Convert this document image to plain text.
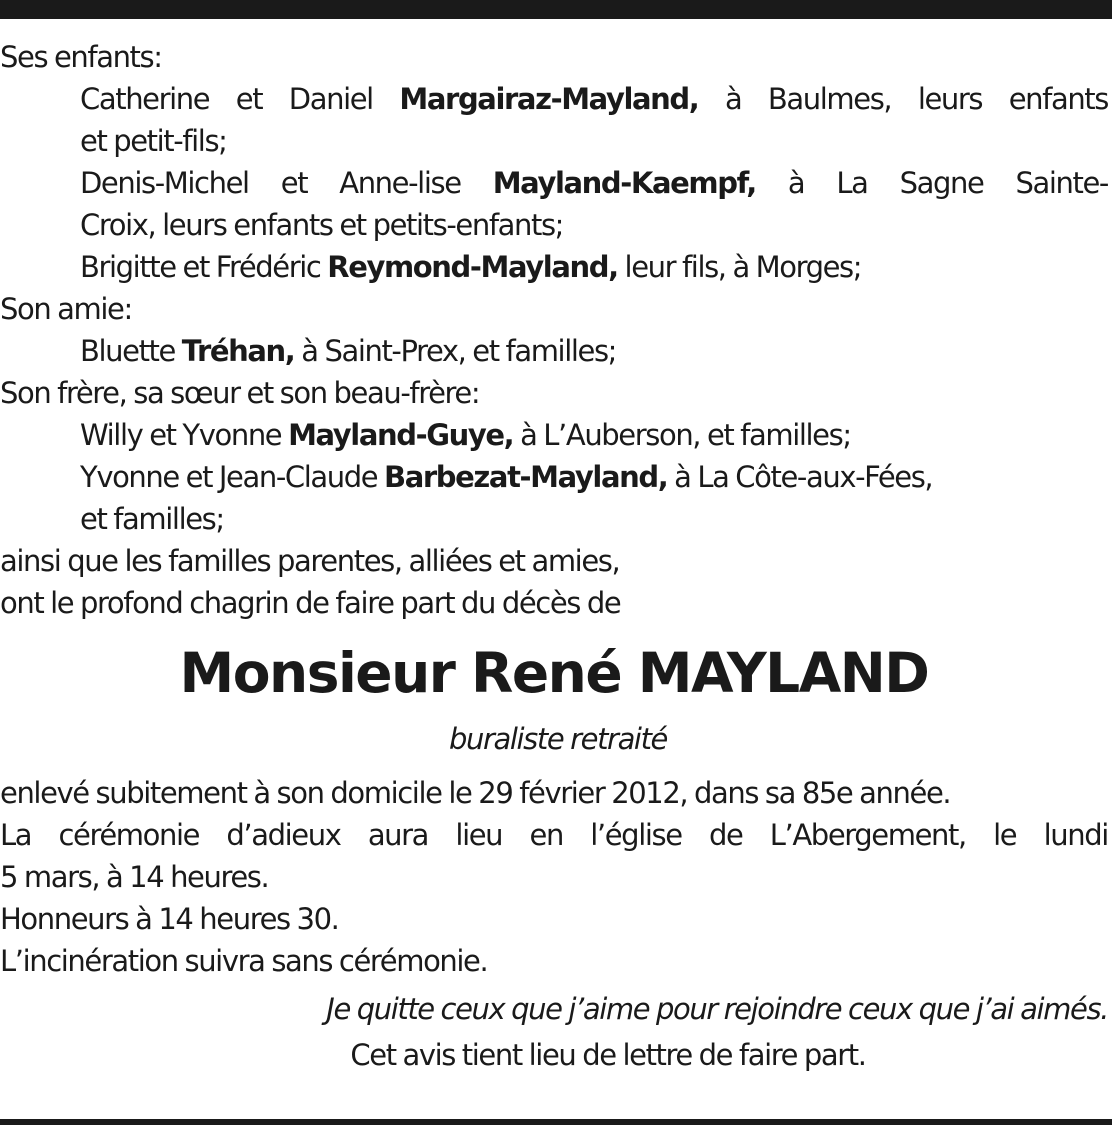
Ses enfants:
Catherine et Daniel Margairaz-Mayland, à Baulmes, leurs enfants
et petit-fils;
Denis-Michel et Anne-lise Mayland-Kaempf, à La Sagne Sainte-
Croix, leurs enfants et petits-enfants;
Brigitte et Frédéric Reymond-Mayland, leur fils, à Morges;
Son amie:
Bluette Tréhan, à Saint-Prex, et familles;
Son frère, sa sœur et son beau-frère:
Willy et Yvonne Mayland-Guye, à L’Auberson, et familles;
Yvonne et Jean-Claude Barbezat-Mayland, à La Côte-aux-Fées,
et familles;
ainsi que les familles parentes, alliées et amies,
ont le profond chagrin de faire part du décès de
Monsieur René MAYLAND
buraliste retraité
enlevé subitement à son domicile le 29 février 2012, dans sa 85e année.
La cérémonie d’adieux aura lieu en l’église de L’Abergement, le lundi
5 mars, à 14 heures.
Honneurs à 14 heures 30.
L’incinération suivra sans cérémonie.
Je quitte ceux que j’aime pour rejoindre ceux que j’ai aimés.
Cet avis tient lieu de lettre de faire part.
